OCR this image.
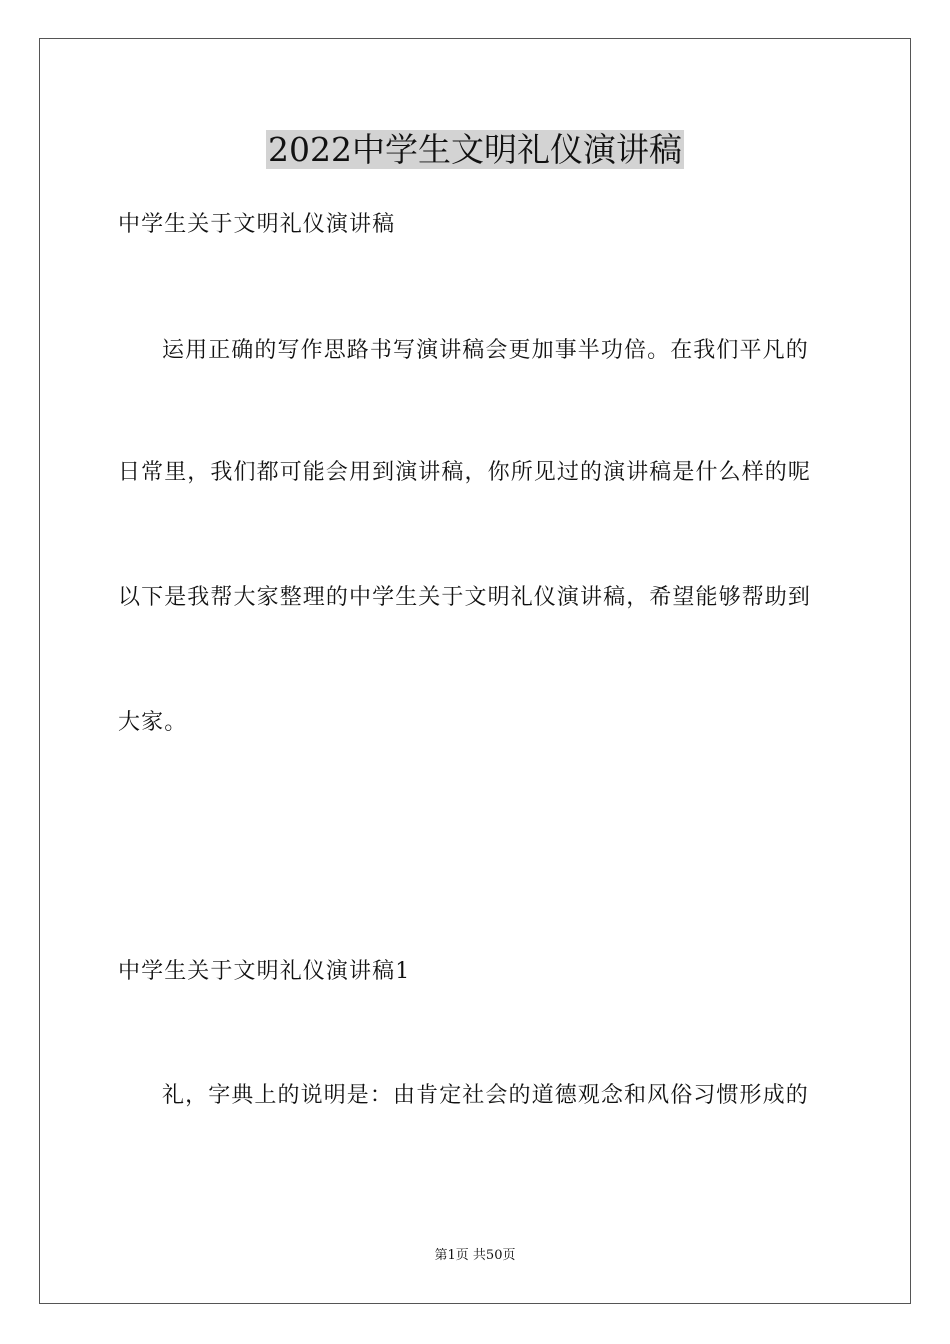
2022中学生文明礼仪演讲稿
中学生关于文明礼仪演讲稿
运用正确的写作思路书写演讲稿会更加事半功倍。在我们平凡的
日常里，我们都可能会用到演讲稿，你所见过的演讲稿是什么样的呢
以下是我帮大家整理的中学生关于文明礼仪演讲稿，希望能够帮助到
大家。
中学生关于文明礼仪演讲稿1
礼，字典上的说明是：由肯定社会的道德观念和风俗习惯形成的
第1页 共50页
